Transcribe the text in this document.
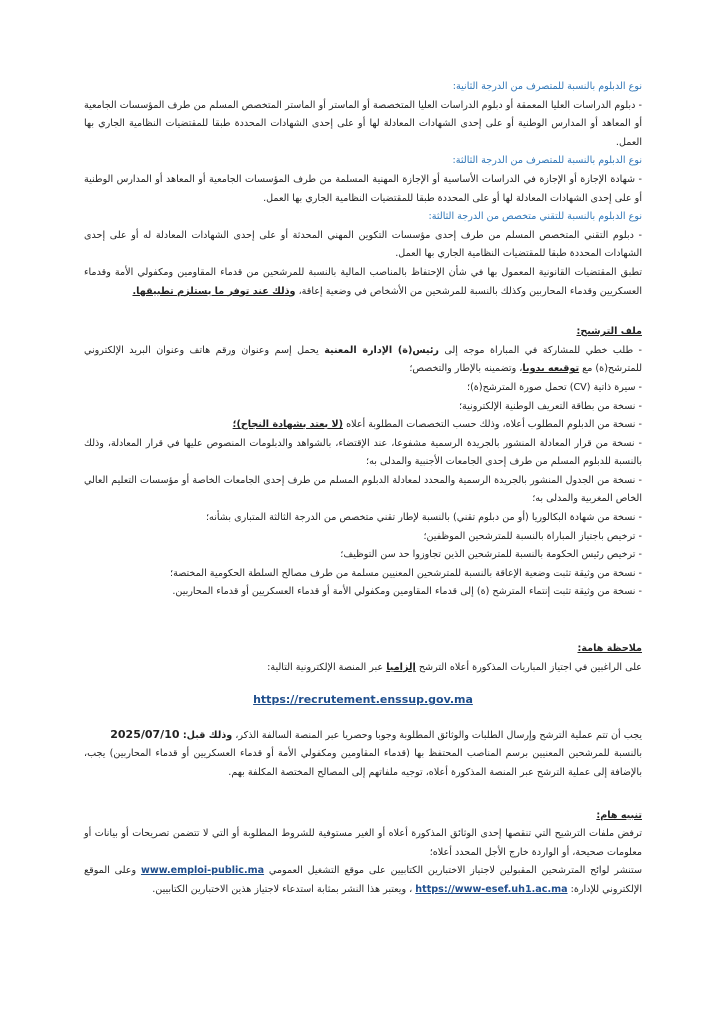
نوع الدبلوم بالنسبة للمتصرف من الدرجة الثانية:

- دبلوم الدراسات العليا المعمقة أو دبلوم الدراسات العليا المتخصصة أو الماستر أو الماستر المتخصص المسلم من طرف المؤسسات الجامعية أو المعاهد أو المدارس الوطنية أو على إحدى الشهادات المعادلة لها أو على إحدى الشهادات المحددة طبقا للمقتضيات النظامية الجاري بها العمل.

نوع الدبلوم بالنسبة للمتصرف من الدرجة الثالثة:

- شهادة الإجازة أو الإجازة في الدراسات الأساسية أو الإجازة المهنية المسلمة من طرف المؤسسات الجامعية أو المعاهد أو المدارس الوطنية أو على إحدى الشهادات المعادلة لها أو على المحددة طبقا للمقتضيات النظامية الجاري بها العمل.

نوع الدبلوم بالنسبة للتقني متخصص من الدرجة الثالثة:

- دبلوم التقني المتخصص المسلم من طرف إحدى مؤسسات التكوين المهني المحدثة أو على إحدى الشهادات المعادلة له أو على إحدى الشهادات المحددة طبقا للمقتضيات النظامية الجاري بها العمل.

تطبق المقتضيات القانونية المعمول بها في شأن الإحتفاظ بالمناصب المالية بالنسبة للمرشحين من قدماء المقاومين ومكفولي الأمة وقدماء العسكريين وقدماء المحاربين وكذلك بالنسبة للمرشحين من الأشخاص في وضعية إعاقة، وذلك عند توفر ما يستلزم تطبيقها.

ملف الترشيح:

- طلب خطي للمشاركة في المباراة موجه إلى رئيس(ة) الإدارة المعنية يحمل إسم وعنوان ورقم هاتف وعنوان البريد الإلكتروني للمترشح(ة) مع توقيعه يدويا، وتضمينه بالإطار والتخصص؛

- سيرة ذاتية (CV) تحمل صورة المترشح(ة)؛

- نسخة من بطاقة التعريف الوطنية الإلكترونية؛

- نسخة من الدبلوم المطلوب أعلاه، وذلك حسب التخصصات المطلوبة أعلاه (لا يعتد بشهادة النجاح)؛

- نسخة من قرار المعادلة المنشور بالجريدة الرسمية مشفوعا، عند الإقتضاء، بالشواهد والدبلومات المنصوص عليها في قرار المعادلة، وذلك بالنسبة للدبلوم المسلم من طرف إحدى الجامعات الأجنبية والمدلى به؛

- نسخة من الجدول المنشور بالجريدة الرسمية والمحدد لمعادلة الدبلوم المسلم من طرف إحدى الجامعات الخاصة أو مؤسسات التعليم العالي الخاص المغربية والمدلى به؛

- نسخة من شهادة البكالوريا (أو من دبلوم تقني) بالنسبة لإطار تقني متخصص من الدرجة الثالثة المتبارى بشأنه؛

- ترخيص باجتياز المباراة بالنسبة للمترشحين الموظفين؛

- ترخيص رئيس الحكومة بالنسبة للمترشحين الذين تجاوزوا حد سن التوظيف؛

- نسخة من وثيقة تثبت وضعية الإعاقة بالنسبة للمترشحين المعنيين مسلمة من طرف مصالح السلطة الحكومية المختصة؛

- نسخة من وثيقة تثبت إنتماء المترشح (ة) إلى قدماء المقاومين ومكفولي الأمة أو قدماء العسكريين أو قدماء المحاربين.

ملاحظة هامة:

على الراغبين في اجتياز المباريات المذكورة أعلاه الترشح إلزاميا عبر المنصة الإلكترونية التالية:

https://recrutement.enssup.gov.ma

يجب أن تتم عملية الترشح وإرسال الطلبات والوثائق المطلوبة وجوبا وحصريا عبر المنصة السالفة الذكر، وذلك قبل: 2025/07/10

بالنسبة للمرشحين المعنيين برسم المناصب المحتفظ بها (قدماء المقاومين ومكفولي الأمة أو قدماء العسكريين أو قدماء المحاربين) يجب، بالإضافة إلى عملية الترشح عبر المنصة المذكورة أعلاه، توجيه ملفاتهم إلى المصالح المختصة المكلفة بهم.

تنبيه هام:

ترفض ملفات الترشيح التي تنقصها إحدى الوثائق المذكورة أعلاه أو الغير مستوفية للشروط المطلوبة أو التي لا تتضمن تصريحات أو بيانات أو معلومات صحيحة، أو الواردة خارج الأجل المحدد أعلاه؛

ستنشر لوائح المترشحين المقبولين لاجتياز الاختبارين الكتابيين على موقع التشغيل العمومي www.emploi-public.ma وعلى الموقع الإلكتروني للإدارة: https://www-esef.uh1.ac.ma ، ويعتبر هذا النشر بمثابة استدعاء لاجتياز هذين الاختبارين الكتابيين.
